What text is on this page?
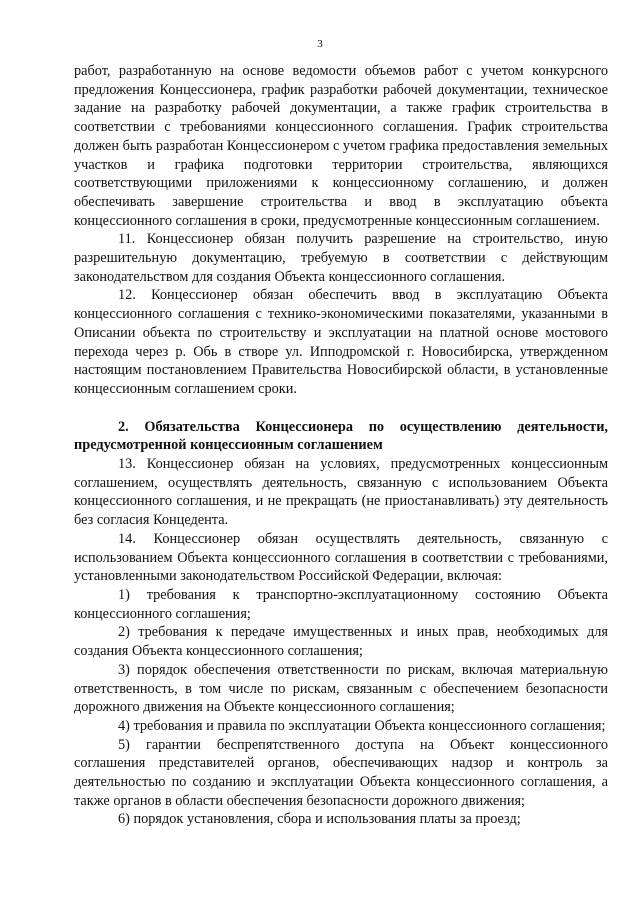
3

работ, разработанную на основе ведомости объемов работ с учетом конкурсного предложения Концессионера, график разработки рабочей документации, техническое задание на разработку рабочей документации, а также график строительства в соответствии с требованиями концессионного соглашения. График строительства должен быть разработан Концессионером с учетом графика предоставления земельных участков и графика подготовки территории строительства, являющихся соответствующими приложениями к концессионному соглашению, и должен обеспечивать завершение строительства и ввод в эксплуатацию объекта концессионного соглашения в сроки, предусмотренные концессионным соглашением.

11. Концессионер обязан получить разрешение на строительство, иную разрешительную документацию, требуемую в соответствии с действующим законодательством для создания Объекта концессионного соглашения.

12. Концессионер обязан обеспечить ввод в эксплуатацию Объекта концессионного соглашения с технико-экономическими показателями, указанными в Описании объекта по строительству и эксплуатации на платной основе мостового перехода через р. Обь в створе ул. Ипподромской г. Новосибирска, утвержденном настоящим постановлением Правительства Новосибирской области, в установленные концессионным соглашением сроки.

2. Обязательства Концессионера по осуществлению деятельности, предусмотренной концессионным соглашением

13. Концессионер обязан на условиях, предусмотренных концессионным соглашением, осуществлять деятельность, связанную с использованием Объекта концессионного соглашения, и не прекращать (не приостанавливать) эту деятельность без согласия Концедента.

14. Концессионер обязан осуществлять деятельность, связанную с использованием Объекта концессионного соглашения в соответствии с требованиями, установленными законодательством Российской Федерации, включая:

1) требования к транспортно-эксплуатационному состоянию Объекта концессионного соглашения;

2) требования к передаче имущественных и иных прав, необходимых для создания Объекта концессионного соглашения;

3) порядок обеспечения ответственности по рискам, включая материальную ответственность, в том числе по рискам, связанным с обеспечением безопасности дорожного движения на Объекте концессионного соглашения;

4) требования и правила по эксплуатации Объекта концессионного соглашения;

5) гарантии беспрепятственного доступа на Объект концессионного соглашения представителей органов, обеспечивающих надзор и контроль за деятельностью по созданию и эксплуатации Объекта концессионного соглашения, а также органов в области обеспечения безопасности дорожного движения;

6) порядок установления, сбора и использования платы за проезд;
